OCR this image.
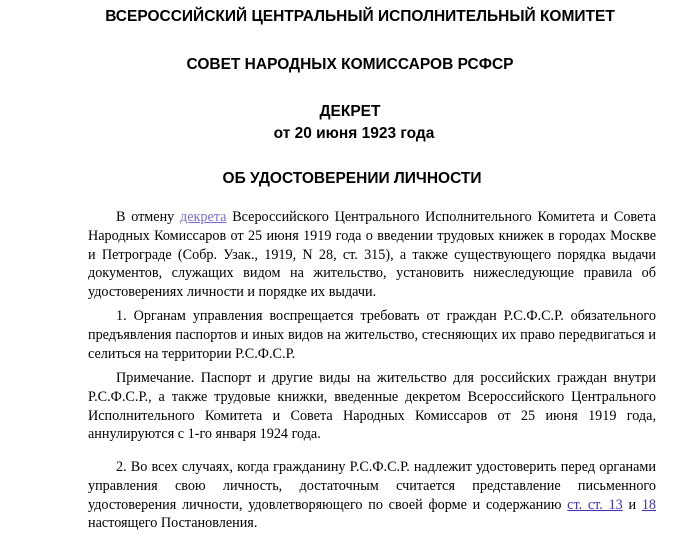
ВСЕРОССИЙСКИЙ ЦЕНТРАЛЬНЫЙ ИСПОЛНИТЕЛЬНЫЙ КОМИТЕТ
СОВЕТ НАРОДНЫХ КОМИССАРОВ РСФСР
ДЕКРЕТ
от 20 июня 1923 года
ОБ УДОСТОВЕРЕНИИ ЛИЧНОСТИ

В отмену декрета Всероссийского Центрального Исполнительного Комитета и Совета Народных Комиссаров от 25 июня 1919 года о введении трудовых книжек в городах Москве и Петрограде (Собр. Узак., 1919, N 28, ст. 315), а также существующего порядка выдачи документов, служащих видом на жительство, установить нижеследующие правила об удостоверениях личности и порядке их выдачи.

1. Органам управления воспрещается требовать от граждан Р.С.Ф.С.Р. обязательного предъявления паспортов и иных видов на жительство, стесняющих их право передвигаться и селиться на территории Р.С.Ф.С.Р.

Примечание. Паспорт и другие виды на жительство для российских граждан внутри Р.С.Ф.С.Р., а также трудовые книжки, введенные декретом Всероссийского Центрального Исполнительного Комитета и Совета Народных Комиссаров от 25 июня 1919 года, аннулируются с 1-го января 1924 года.

2. Во всех случаях, когда гражданину Р.С.Ф.С.Р. надлежит удостоверить перед органами управления свою личность, достаточным считается представление письменного удостоверения личности, удовлетворяющего по своей форме и содержанию ст. ст. 13 и 18 настоящего Постановления.
